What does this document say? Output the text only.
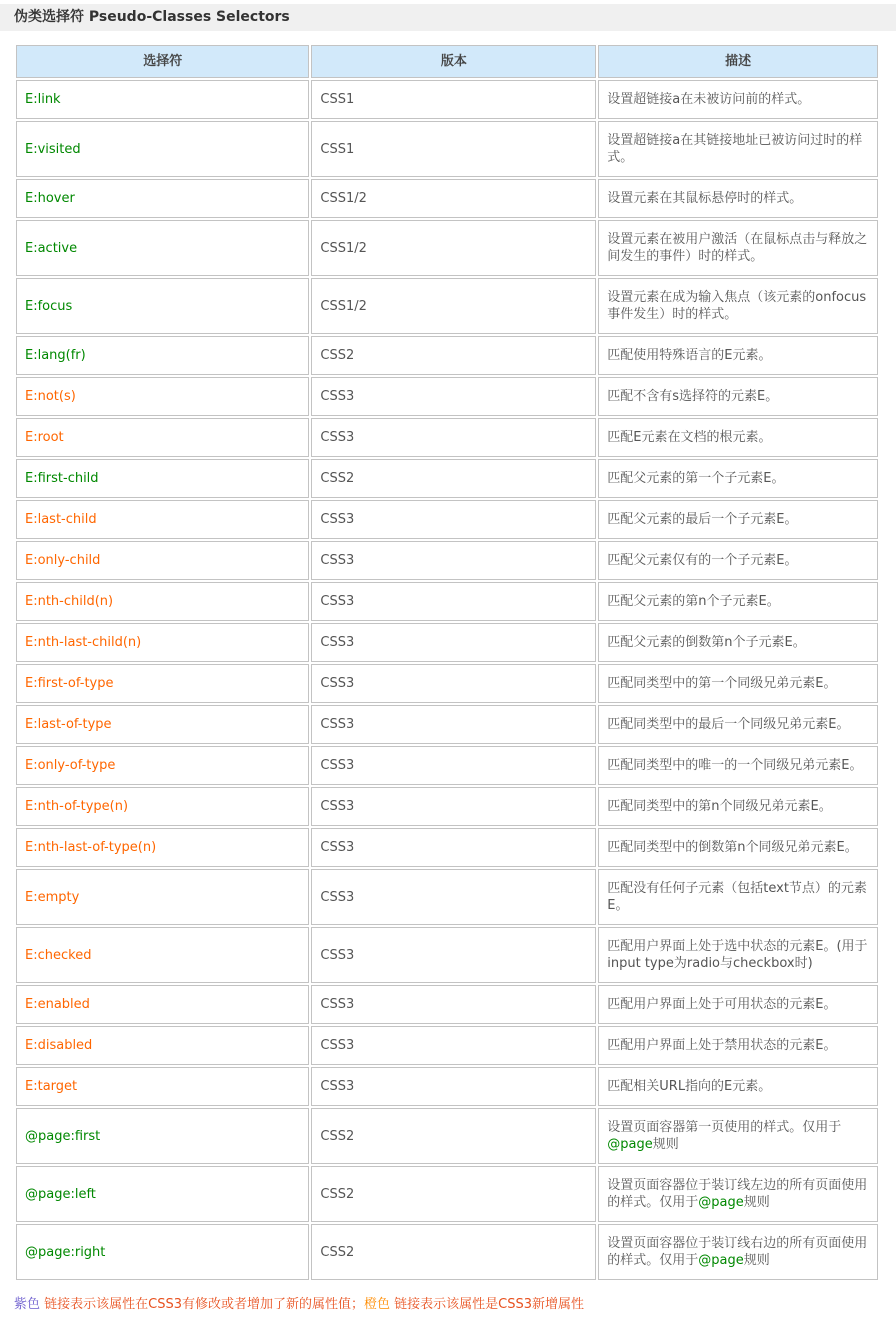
伪类选择符 Pseudo-Classes Selectors
选择符	版本	描述
E:link	CSS1	设置超链接a在未被访问前的样式。
E:visited	CSS1	设置超链接a在其链接地址已被访问过时的样式。
E:hover	CSS1/2	设置元素在其鼠标悬停时的样式。
E:active	CSS1/2	设置元素在被用户激活（在鼠标点击与释放之间发生的事件）时的样式。
E:focus	CSS1/2	设置元素在成为输入焦点（该元素的onfocus事件发生）时的样式。
E:lang(fr)	CSS2	匹配使用特殊语言的E元素。
E:not(s)	CSS3	匹配不含有s选择符的元素E。
E:root	CSS3	匹配E元素在文档的根元素。
E:first-child	CSS2	匹配父元素的第一个子元素E。
E:last-child	CSS3	匹配父元素的最后一个子元素E。
E:only-child	CSS3	匹配父元素仅有的一个子元素E。
E:nth-child(n)	CSS3	匹配父元素的第n个子元素E。
E:nth-last-child(n)	CSS3	匹配父元素的倒数第n个子元素E。
E:first-of-type	CSS3	匹配同类型中的第一个同级兄弟元素E。
E:last-of-type	CSS3	匹配同类型中的最后一个同级兄弟元素E。
E:only-of-type	CSS3	匹配同类型中的唯一的一个同级兄弟元素E。
E:nth-of-type(n)	CSS3	匹配同类型中的第n个同级兄弟元素E。
E:nth-last-of-type(n)	CSS3	匹配同类型中的倒数第n个同级兄弟元素E。
E:empty	CSS3	匹配没有任何子元素（包括text节点）的元素E。
E:checked	CSS3	匹配用户界面上处于选中状态的元素E。(用于input type为radio与checkbox时)
E:enabled	CSS3	匹配用户界面上处于可用状态的元素E。
E:disabled	CSS3	匹配用户界面上处于禁用状态的元素E。
E:target	CSS3	匹配相关URL指向的E元素。
@page:first	CSS2	设置页面容器第一页使用的样式。仅用于@page规则
@page:left	CSS2	设置页面容器位于装订线左边的所有页面使用的样式。仅用于@page规则
@page:right	CSS2	设置页面容器位于装订线右边的所有页面使用的样式。仅用于@page规则
紫色 链接表示该属性在CSS3有修改或者增加了新的属性值；橙色 链接表示该属性是CSS3新增属性
